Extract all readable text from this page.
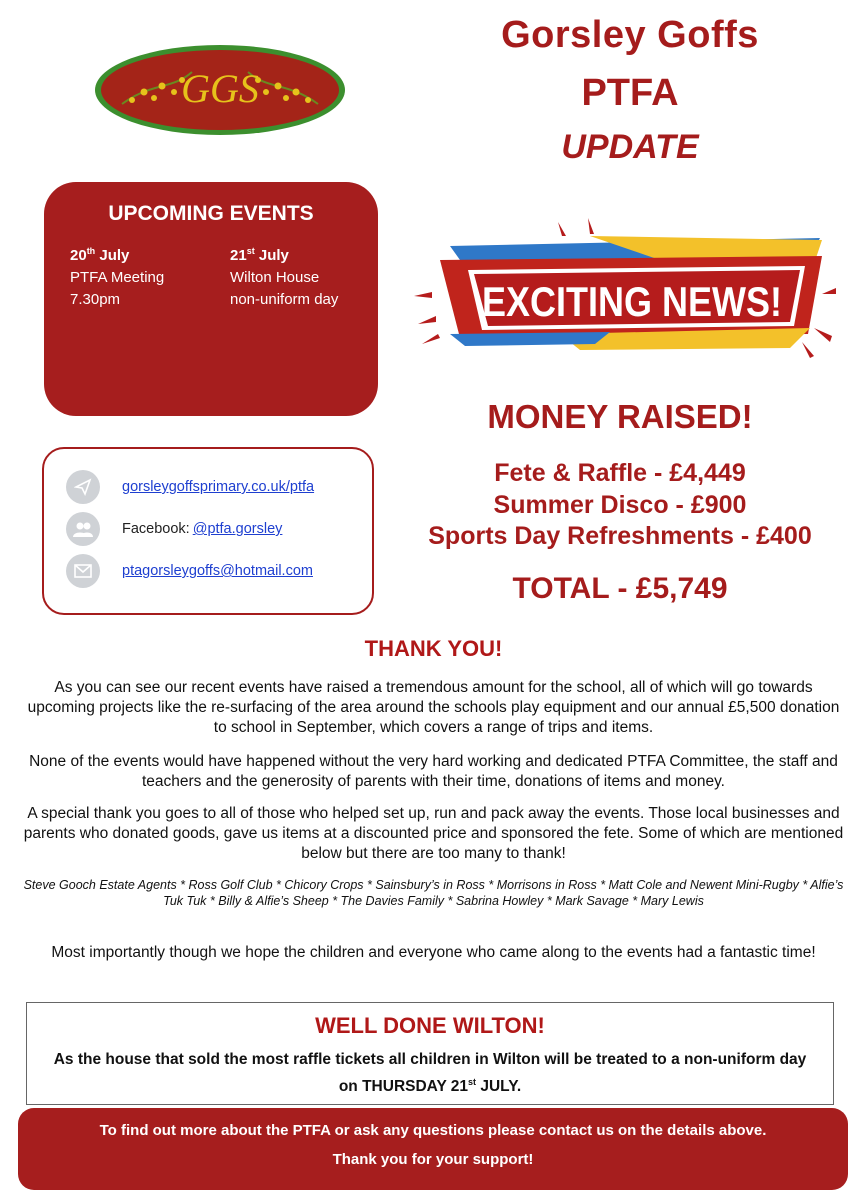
GGS
Gorsley Goffs
PTFA
UPDATE
UPCOMING EVENTS
20th July
PTFA Meeting
7.30pm
21st July
Wilton House
non-uniform day
gorsleygoffsprimary.co.uk/ptfa
Facebook: @ptfa.gorsley
ptagorsleygoffs@hotmail.com
EXCITING NEWS!
MONEY RAISED!
Fete & Raffle - £4,449
Summer Disco - £900
Sports Day Refreshments - £400
TOTAL - £5,749
THANK YOU!
As you can see our recent events have raised a tremendous amount for the school, all of which will go towards upcoming projects like the re-surfacing of the area around the schools play equipment and our annual £5,500 donation to school in September, which covers a range of trips and items.
None of the events would have happened without the very hard working and dedicated PTFA Committee, the staff and teachers and the generosity of parents with their time, donations of items and money.
A special thank you goes to all of those who helped set up, run and pack away the events. Those local businesses and parents who donated goods, gave us items at a discounted price and sponsored the fete. Some of which are mentioned below but there are too many to thank!
Steve Gooch Estate Agents * Ross Golf Club * Chicory Crops * Sainsbury’s in Ross * Morrisons in Ross * Matt Cole and Newent Mini-Rugby * Alfie’s Tuk Tuk * Billy & Alfie’s Sheep * The Davies Family * Sabrina Howley * Mark Savage * Mary Lewis
Most importantly though we hope the children and everyone who came along to the events had a fantastic time!
WELL DONE WILTON!
As the house that sold the most raffle tickets all children in Wilton will be treated to a non-uniform day on THURSDAY 21st JULY.
To find out more about the PTFA or ask any questions please contact us on the details above.
Thank you for your support!
